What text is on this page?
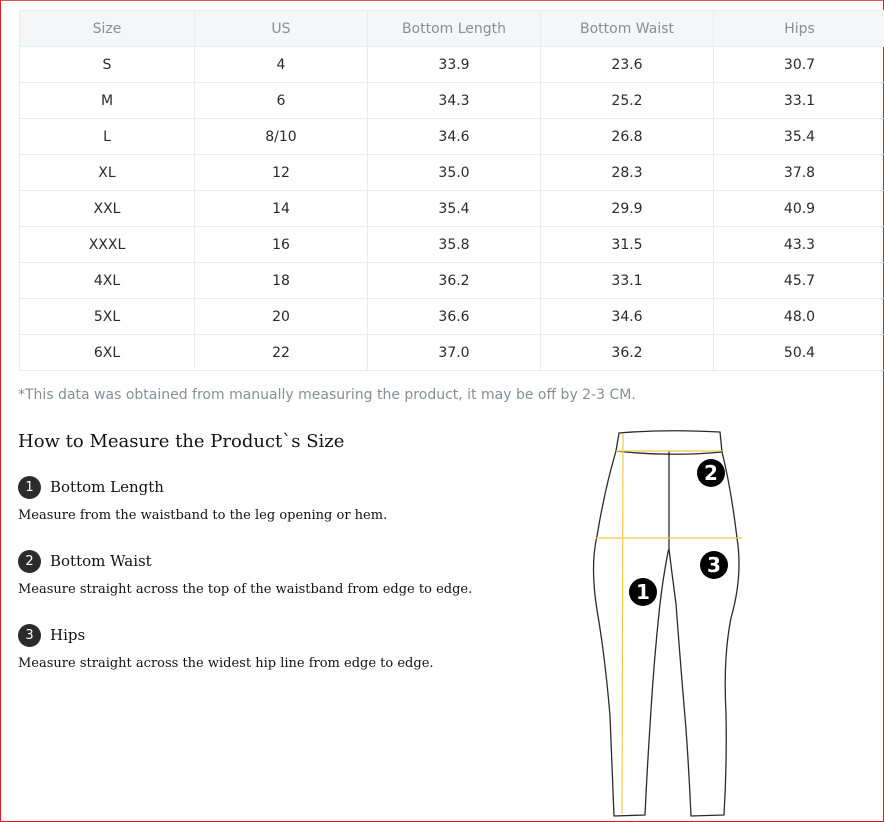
Size	US	Bottom Length	Bottom Waist	Hips
S	4	33.9	23.6	30.7
M	6	34.3	25.2	33.1
L	8/10	34.6	26.8	35.4
XL	12	35.0	28.3	37.8
XXL	14	35.4	29.9	40.9
XXXL	16	35.8	31.5	43.3
4XL	18	36.2	33.1	45.7
5XL	20	36.6	34.6	48.0
6XL	22	37.0	36.2	50.4
*This data was obtained from manually measuring the product, it may be off by 2-3 CM.
How to Measure the Product`s Size
1	Bottom Length
Measure from the waistband to the leg opening or hem.
2	Bottom Waist
Measure straight across the top of the waistband from edge to edge.
3	Hips
Measure straight across the widest hip line from edge to edge.
1
2
3
